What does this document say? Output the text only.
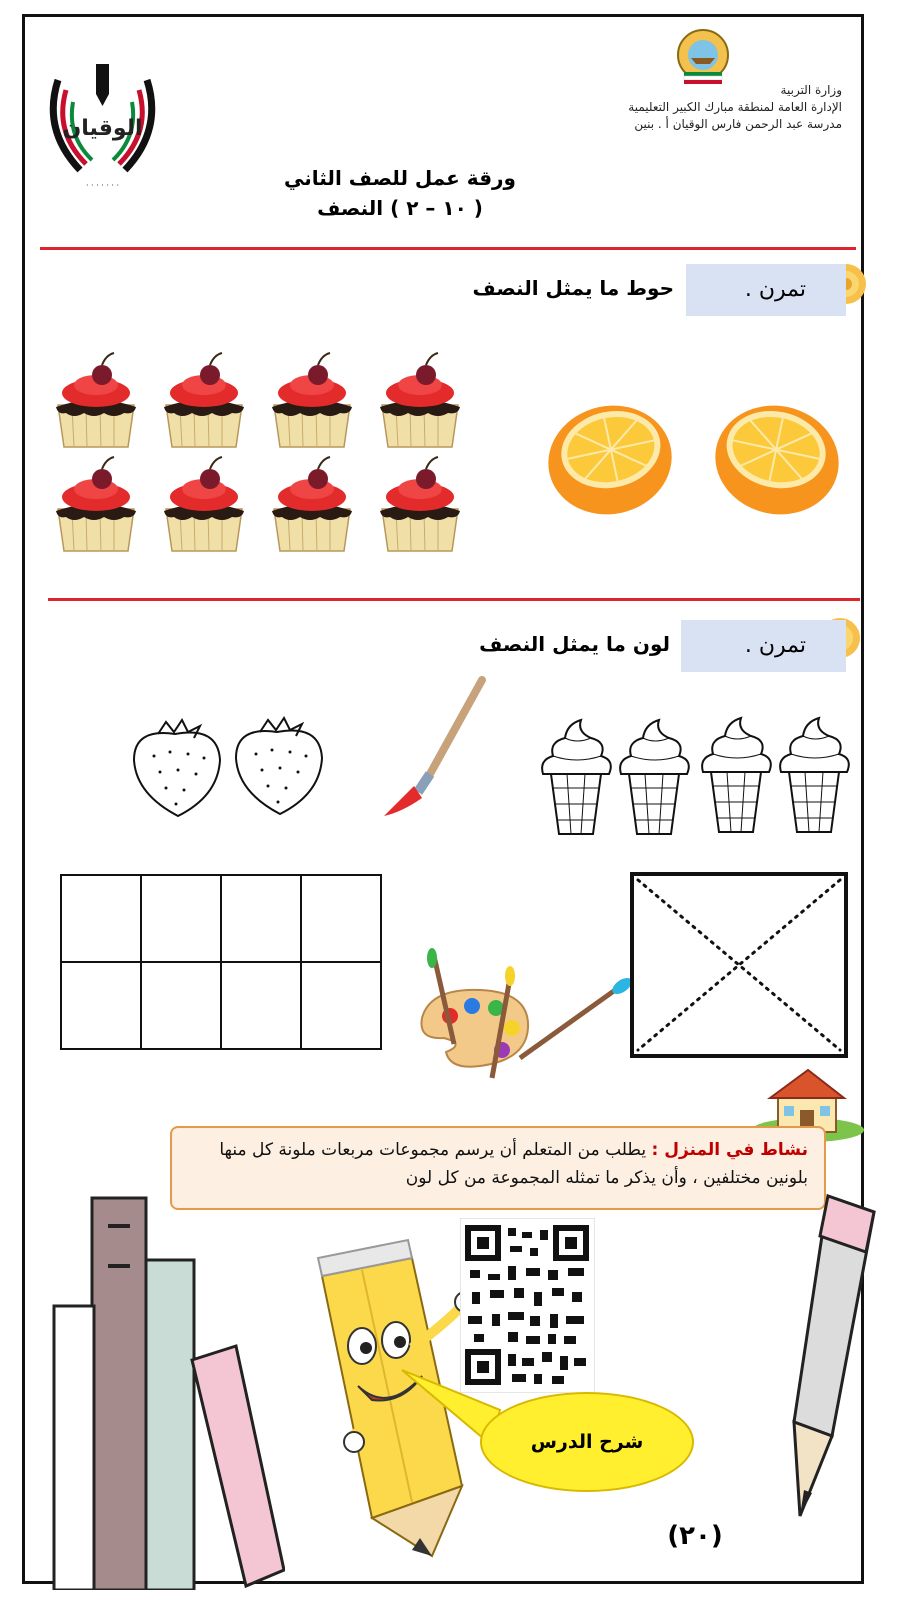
· · · · · · ·
الوقيان
وزارة التربية
الإدارة العامة لمنطقة مبارك الكبير التعليمية
مدرسة عبد الرحمن فارس الوقيان أ . بنين
ورقة عمل للصف الثاني
( ١٠ – ٢ ) النصف
تمرن .
حوط ما يمثل النصف
تمرن .
لون ما يمثل النصف

نشاط في المنزل : يطلب من المتعلم أن يرسم مجموعات مربعات ملونة كل منها بلونين مختلفين ، وأن يذكر ما تمثله المجموعة من كل لون
شرح الدرس
(٢٠)
